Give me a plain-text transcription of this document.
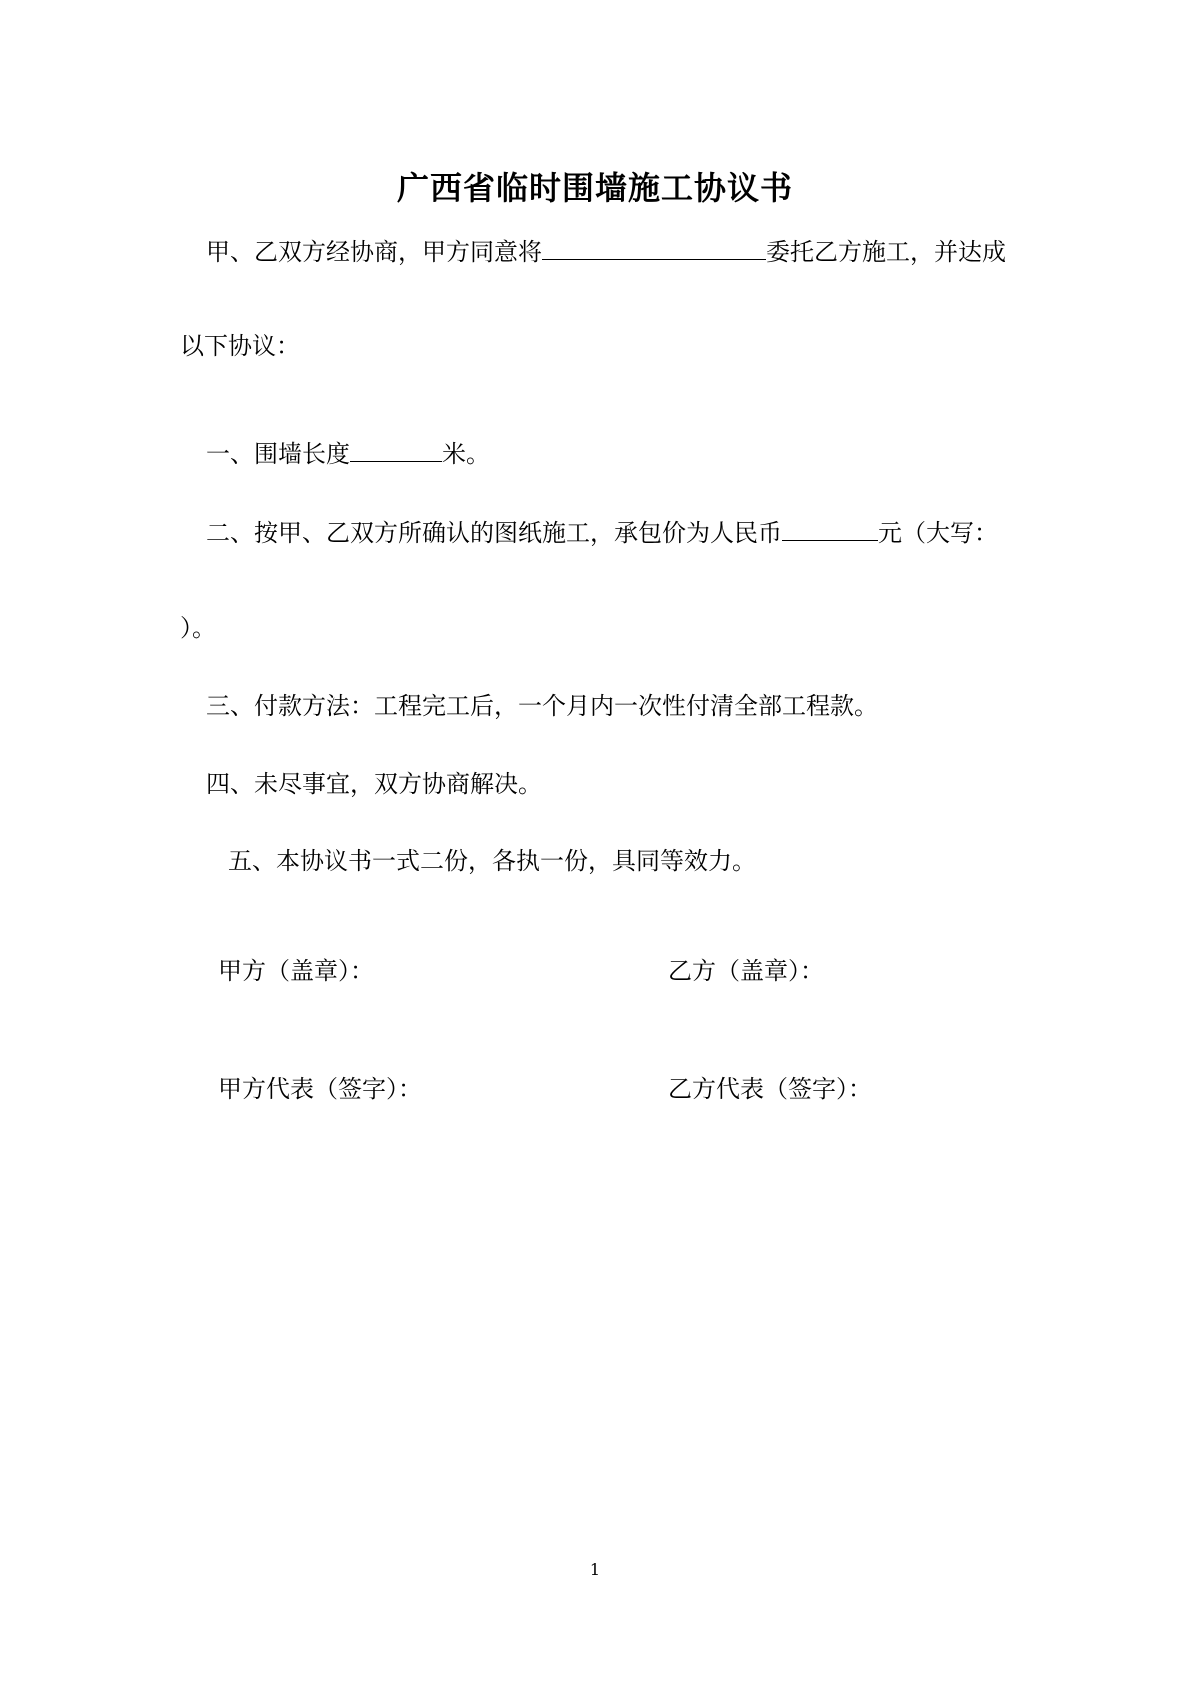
广西省临时围墙施工协议书
甲、乙双方经协商，甲方同意将	委托乙方施工，并达成
以下协议：
一、围墙长度	米。
二、按甲、乙双方所确认的图纸施工，承包价为人民币	元（大写：
）。
三、付款方法：工程完工后，一个月内一次性付清全部工程款。
四、未尽事宜，双方协商解决。
五、本协议书一式二份，各执一份，具同等效力。
甲方（盖章）：	乙方（盖章）：
甲方代表（签字）：	乙方代表（签字）：
1
